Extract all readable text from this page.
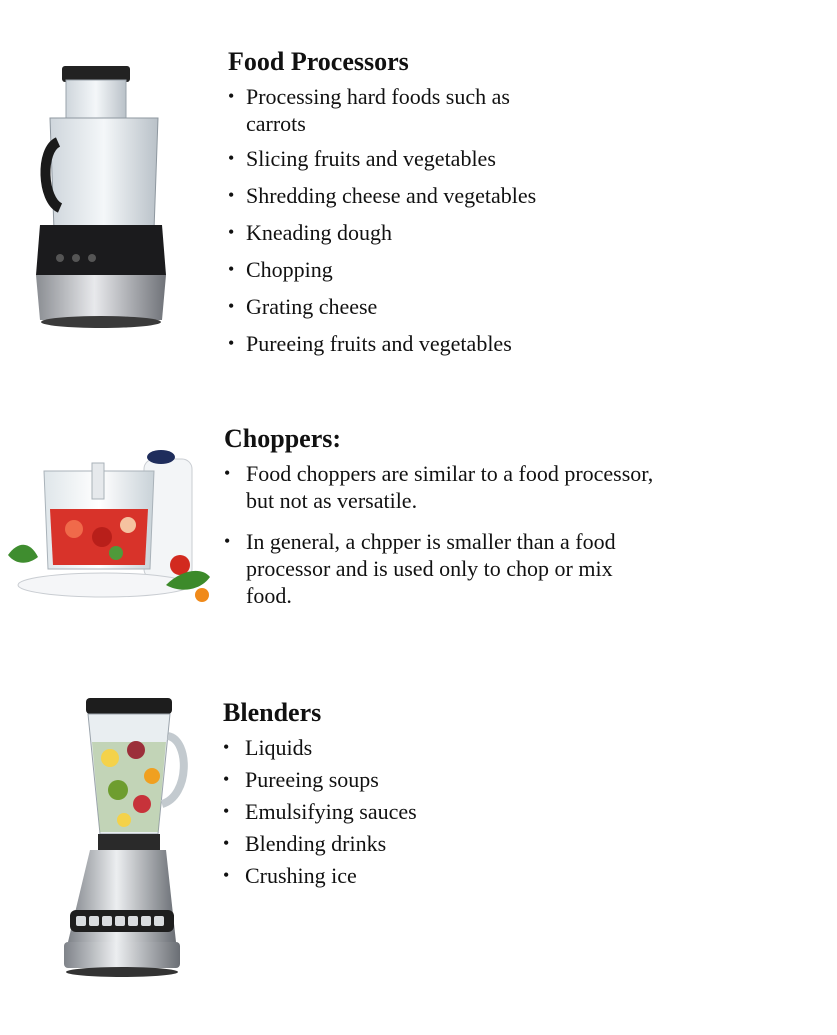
Food Processors
• Processing hard foods such as carrots
• Slicing fruits and vegetables
• Shredding cheese and vegetables
• Kneading dough
• Chopping
• Grating cheese
• Pureeing fruits and vegetables
Choppers:
• Food choppers are similar to a food processor, but not as versatile.
• In general, a chpper is smaller than a food processor and is used only to chop or mix food.
Blenders
• Liquids
• Pureeing soups
• Emulsifying sauces
• Blending drinks
• Crushing ice
